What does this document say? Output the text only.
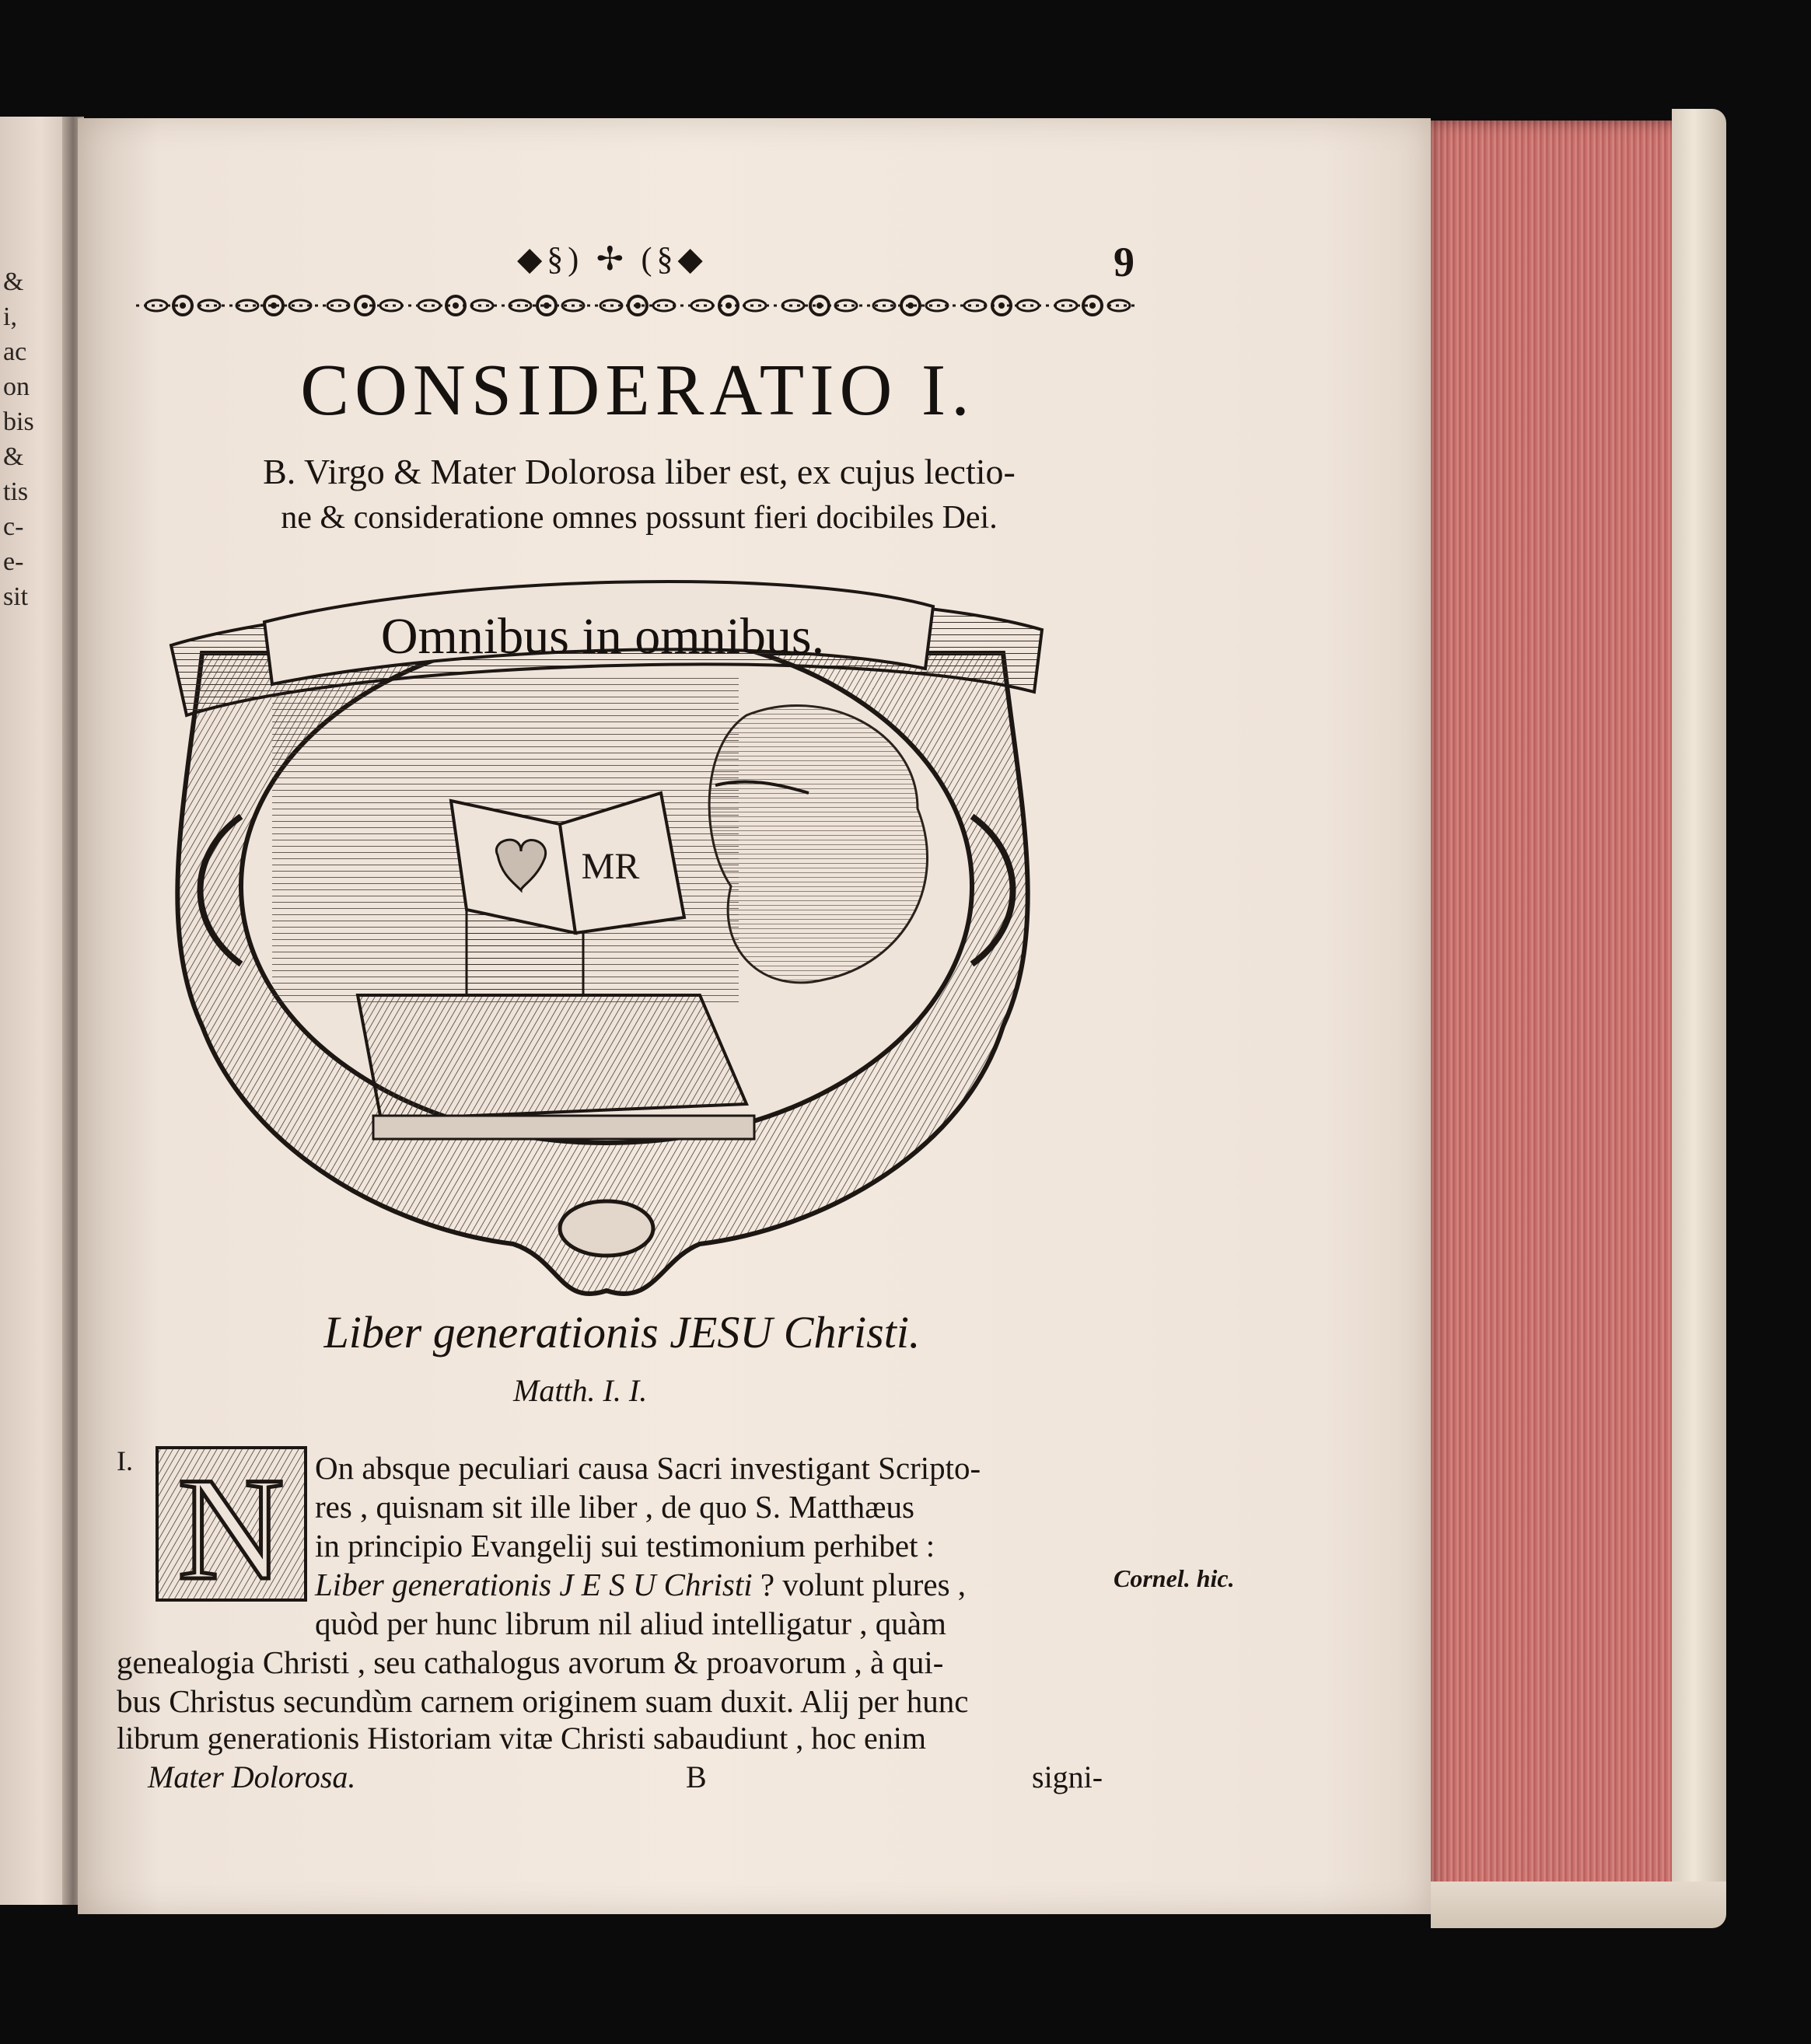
&
i,
ac
on
bis
&
tis
c-
e-
sit
◆§) ✢ (§◆	9
CONSIDERATIO I.
B. Virgo & Mater Dolorosa liber est, ex cujus lectio-
ne & consideratione omnes possunt fieri docibiles Dei.
MR
Omnibus in omnibus.
Liber generationis JESU Christi.
Matth. I. I.
I. N On absque peculiari causa Sacri investigant Scripto-
res , quisnam sit ille liber , de quo S. Matthæus
in principio Evangelij sui testimonium perhibet :
Liber generationis J E S U Christi ? volunt plures ,
quòd per hunc librum nil aliud intelligatur , quàm
genealogia Christi , seu cathalogus avorum & proavorum , à qui-
bus Christus secundùm carnem originem suam duxit. Alij per hunc
librum generationis Historiam vitæ Christi sabaudiunt , hoc enim
Cornel. hic.
Mater Dolorosa.	B	signi-
